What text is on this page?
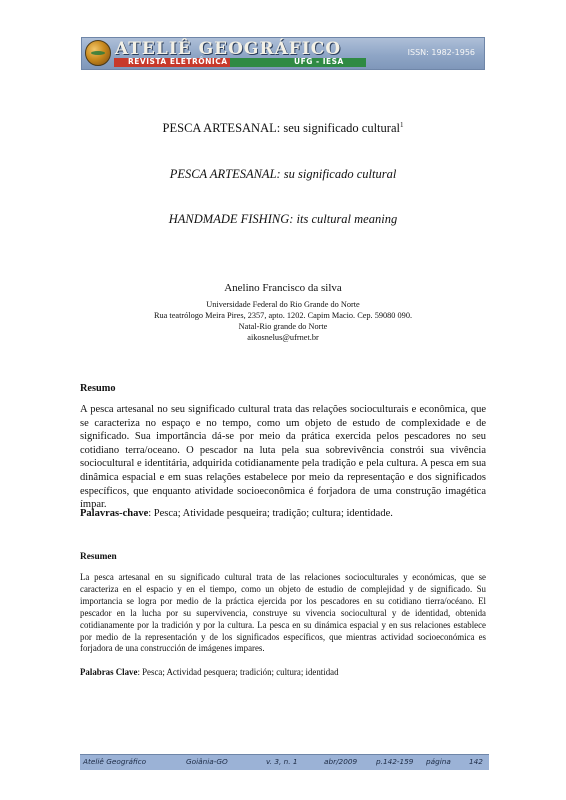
ATELIÊ GEOGRÁFICO
REVISTA ELETRÔNICA	UFG - IESA
ISSN: 1982-1956
PESCA ARTESANAL: seu significado cultural$^1$
PESCA ARTESANAL: su significado cultural
HANDMADE FISHING: its cultural meaning
Anelino Francisco da silva
Universidade Federal do Rio Grande do Norte
Rua teatrólogo Meira Pires, 2357, apto. 1202. Capim Macio. Cep. 59080 090.
Natal-Rio grande do Norte
aikosnelus@ufrnet.br
Resumo
A pesca artesanal no seu significado cultural trata das relações socioculturais e econômica, que se caracteriza no espaço e no tempo, como um objeto de estudo de complexidade e de significado. Sua importância dá-se por meio da prática exercida pelos pescadores no seu cotidiano terra/oceano. O pescador na luta pela sua sobrevivência constrói sua vivência sociocultural e identitária, adquirida cotidianamente pela tradição e pela cultura. A pesca em sua dinâmica espacial e em suas relações estabelece por meio da representação e dos significados específicos, que enquanto atividade socioeconômica é forjadora de uma construção imagética ímpar.
Palavras-chave: Pesca; Atividade pesqueira; tradição; cultura; identidade.
Resumen
La pesca artesanal en su significado cultural trata de las relaciones socioculturales y económicas, que se caracteriza en el espacio y en el tiempo, como un objeto de estudio de complejidad y de significado. Su importancia se logra por medio de la práctica ejercida por los pescadores en su cotidiano tierra/océano. El pescador en la lucha por su supervivencia, construye su vivencia sociocultural y de identidad, obtenida cotidianamente por la tradición y por la cultura. La pesca en su dinámica espacial y en sus relaciones establece por medio de la representación y de los significados específicos, que mientras actividad socioeconómica es forjadora de una construcción de imágenes impares.
Palabras Clave: Pesca; Actividad pesquera; tradición; cultura; identidad
Ateliê Geográfico	Goiânia-GO	v. 3, n. 1	abr/2009	p.142-159 página 142
